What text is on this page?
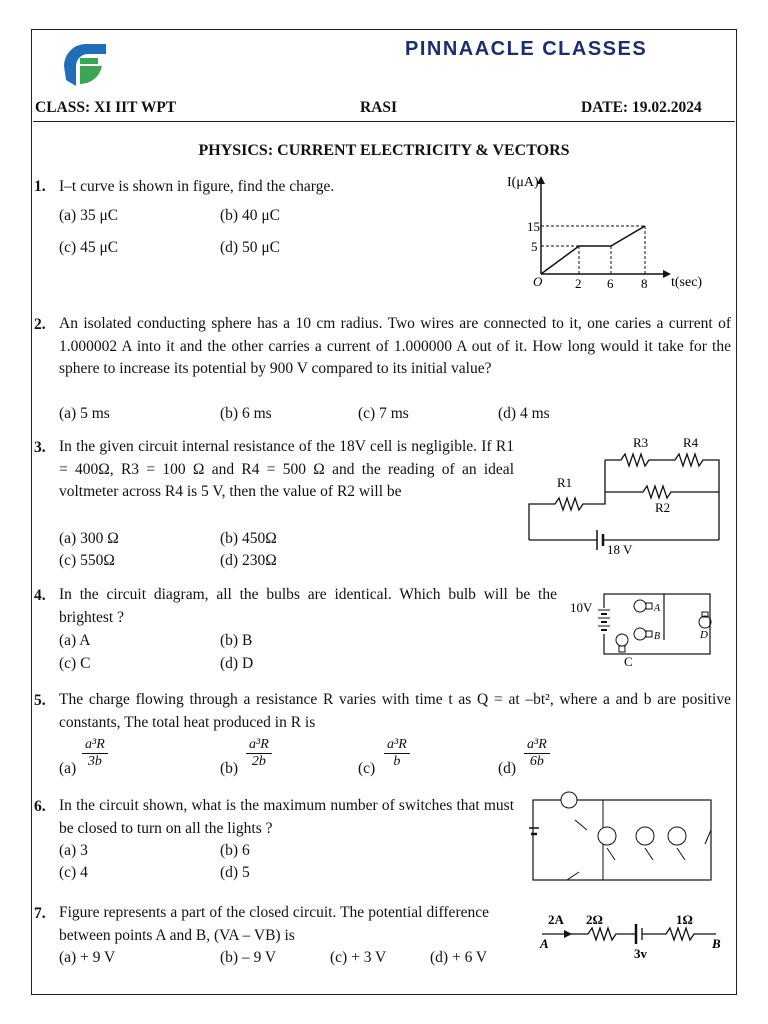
PINNAACLE CLASSES
CLASS: XI IIT WPT	RASI	DATE: 19.02.2024
PHYSICS: CURRENT ELECTRICITY & VECTORS
1. I–t curve is shown in figure, find the charge.
(a) 35 μC	(b) 40 μC
(c) 45 μC	(d) 50 μC
I(μA)
t(sec)
15
5
2 6 8
O
2. An isolated conducting sphere has a 10 cm radius. Two wires are connected to it, one caries a current of 1.000002 A into it and the other carries a current of 1.000000 A out of it. How long would it take for the sphere to increase its potential by 900 V compared to its initial value?
(a) 5 ms	(b) 6 ms	(c) 7 ms	(d) 4 ms
3. In the given circuit internal resistance of the 18V cell is negligible. If R1 = 400Ω, R3 = 100 Ω and R4 = 500 Ω and the reading of an ideal voltmeter across R4 is 5 V, then the value of R2 will be
(a) 300 Ω	(b) 450Ω
(c) 550Ω	(d) 230Ω
R3	R4
R1
R2
18 V
4. In the circuit diagram, all the bulbs are identical. Which bulb will be the brightest ?
(a) A	(b) B
(c) C	(d) D
10V	A
B
C
D
5. The charge flowing through a resistance R varies with time t as Q = at –bt², where a and b are positive constants, The total heat produced in R is
$(a) \frac{\text{a³R}}{3b}$	$(b) \frac{\text{a³R}}{2b}$	$(c) \frac{\text{a³R}}{b}$	$(d) \frac{\text{a³R}}{6b}$
6. In the circuit shown, what is the maximum number of switches that must be closed to turn on all the lights ?
(a) 3	(b) 6
(c) 4	(d) 5
7. Figure represents a part of the closed circuit. The potential difference between points A and B, (VA – VB) is
(a) + 9 V	(b) – 9 V	(c) + 3 V	(d) + 6 V
2A 2Ω	1Ω
3v
A	B
